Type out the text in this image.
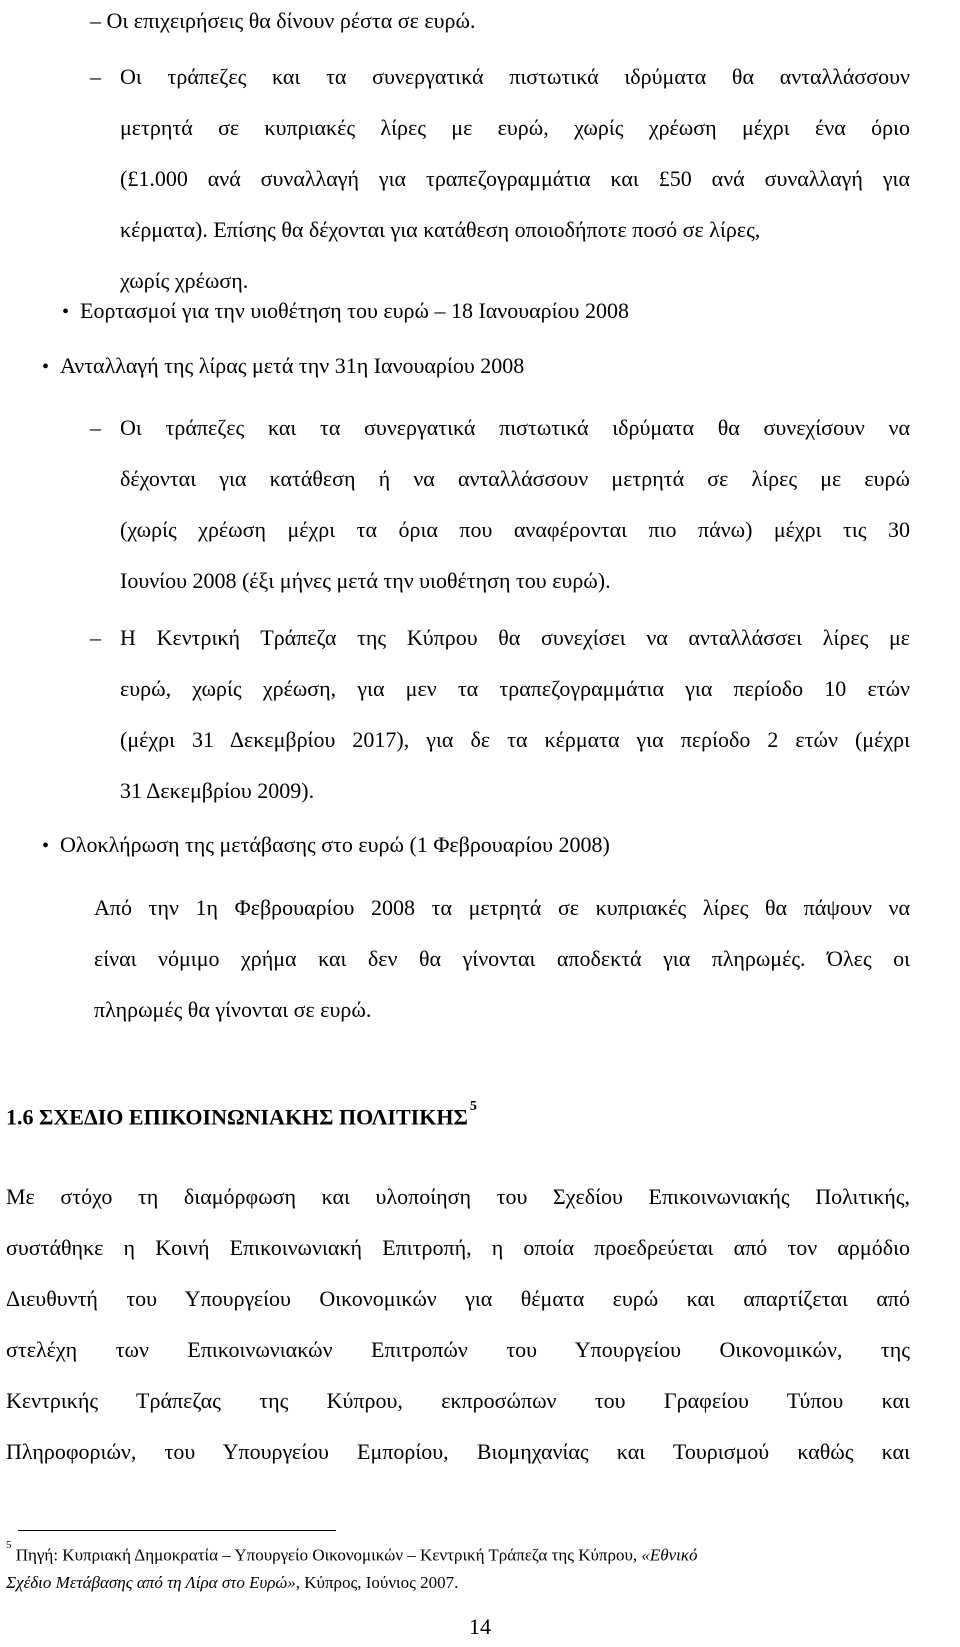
– Οι επιχειρήσεις θα δίνουν ρέστα σε ευρώ.
– Οι τράπεζες και τα συνεργατικά πιστωτικά ιδρύματα θα ανταλλάσσουν
μετρητά σε κυπριακές λίρες με ευρώ, χωρίς χρέωση μέχρι ένα όριο
(£1.000 ανά συναλλαγή για τραπεζογραμμάτια και £50 ανά συναλλαγή για
κέρματα). Επίσης θα δέχονται για κατάθεση οποιοδήποτε ποσό σε λίρες,
χωρίς χρέωση.
• Εορτασμοί για την υιοθέτηση του ευρώ – 18 Ιανουαρίου 2008
• Ανταλλαγή της λίρας μετά την 31η Ιανουαρίου 2008
– Οι τράπεζες και τα συνεργατικά πιστωτικά ιδρύματα θα συνεχίσουν να
δέχονται για κατάθεση ή να ανταλλάσσουν μετρητά σε λίρες με ευρώ
(χωρίς χρέωση μέχρι τα όρια που αναφέρονται πιο πάνω) μέχρι τις 30
Ιουνίου 2008 (έξι μήνες μετά την υιοθέτηση του ευρώ).
– Η Κεντρική Τράπεζα της Κύπρου θα συνεχίσει να ανταλλάσσει λίρες με
ευρώ, χωρίς χρέωση, για μεν τα τραπεζογραμμάτια για περίοδο 10 ετών
(μέχρι 31 Δεκεμβρίου 2017), για δε τα κέρματα για περίοδο 2 ετών (μέχρι
31 Δεκεμβρίου 2009).
• Ολοκλήρωση της μετάβασης στο ευρώ (1 Φεβρουαρίου 2008)
Από την 1η Φεβρουαρίου 2008 τα μετρητά σε κυπριακές λίρες θα πάψουν να
είναι νόμιμο χρήμα και δεν θα γίνονται αποδεκτά για πληρωμές. Όλες οι
πληρωμές θα γίνονται σε ευρώ.
1.6 ΣΧΕΔΙΟ ΕΠΙΚΟΙΝΩΝΙΑΚΗΣ ΠΟΛΙΤΙΚΗΣ $^5$
Με στόχο τη διαμόρφωση και υλοποίηση του Σχεδίου Επικοινωνιακής Πολιτικής,
συστάθηκε η Κοινή Επικοινωνιακή Επιτροπή, η οποία προεδρεύεται από τον αρμόδιο
Διευθυντή του Υπουργείου Οικονομικών για θέματα ευρώ και απαρτίζεται από
στελέχη των Επικοινωνιακών Επιτροπών του Υπουργείου Οικονομικών, της
Κεντρικής Τράπεζας της Κύπρου, εκπροσώπων του Γραφείου Τύπου και
Πληροφοριών, του Υπουργείου Εμπορίου, Βιομηχανίας και Τουρισμού καθώς και
$^5$ Πηγή: Κυπριακή Δημοκρατία – Υπουργείο Οικονομικών – Κεντρική Τράπεζα της Κύπρου, «Εθνικό
Σχέδιο Μετάβασης από τη Λίρα στο Ευρώ», Κύπρος, Ιούνιος 2007.
14
